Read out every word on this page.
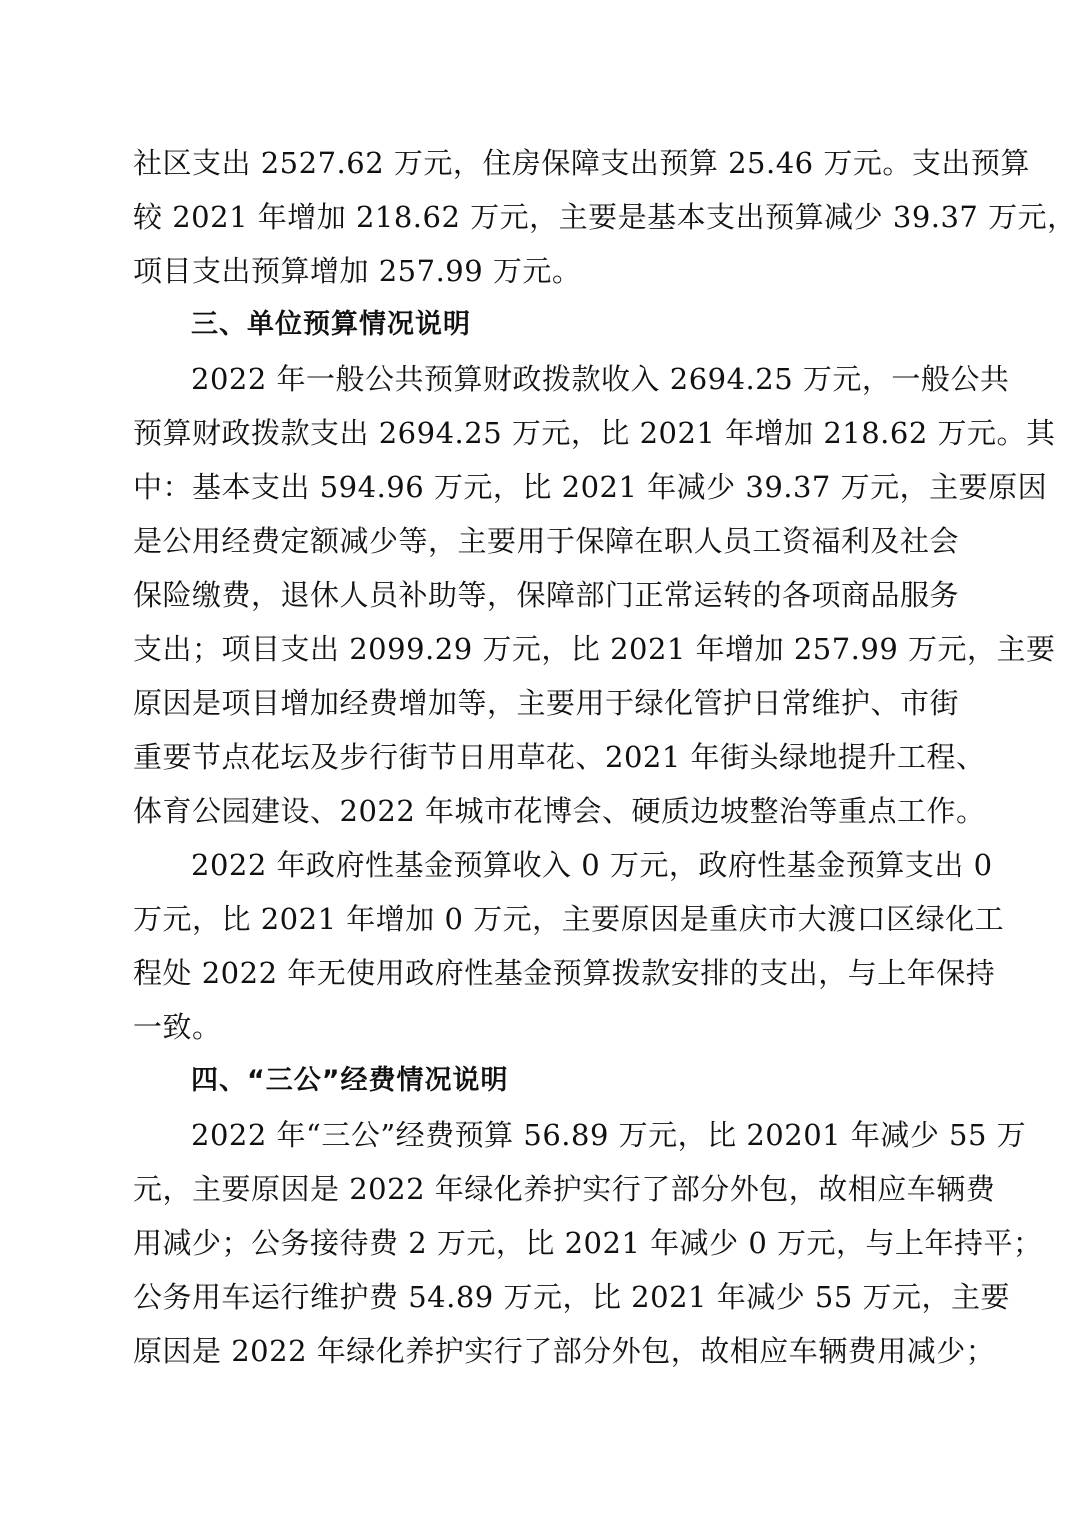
社区支出 2527.62 万元，住房保障支出预算 25.46 万元。支出预算
较 2021 年增加 218.62 万元，主要是基本支出预算减少 39.37 万元，
项目支出预算增加 257.99 万元。
三、单位预算情况说明
2022 年一般公共预算财政拨款收入 2694.25 万元，一般公共
预算财政拨款支出 2694.25 万元，比 2021 年增加 218.62 万元。其
中：基本支出 594.96 万元，比 2021 年减少 39.37 万元，主要原因
是公用经费定额减少等，主要用于保障在职人员工资福利及社会
保险缴费，退休人员补助等，保障部门正常运转的各项商品服务
支出；项目支出 2099.29 万元，比 2021 年增加 257.99 万元，主要
原因是项目增加经费增加等，主要用于绿化管护日常维护、市街
重要节点花坛及步行街节日用草花、2021 年街头绿地提升工程、
体育公园建设、2022 年城市花博会、硬质边坡整治等重点工作。
2022 年政府性基金预算收入 0 万元，政府性基金预算支出 0
万元，比 2021 年增加 0 万元，主要原因是重庆市大渡口区绿化工
程处 2022 年无使用政府性基金预算拨款安排的支出，与上年保持
一致。
四、“三公”经费情况说明
2022 年“三公”经费预算 56.89 万元，比 20201 年减少 55 万
元，主要原因是 2022 年绿化养护实行了部分外包，故相应车辆费
用减少；公务接待费 2 万元，比 2021 年减少 0 万元，与上年持平；
公务用车运行维护费 54.89 万元，比 2021 年减少 55 万元，主要
原因是 2022 年绿化养护实行了部分外包，故相应车辆费用减少；
